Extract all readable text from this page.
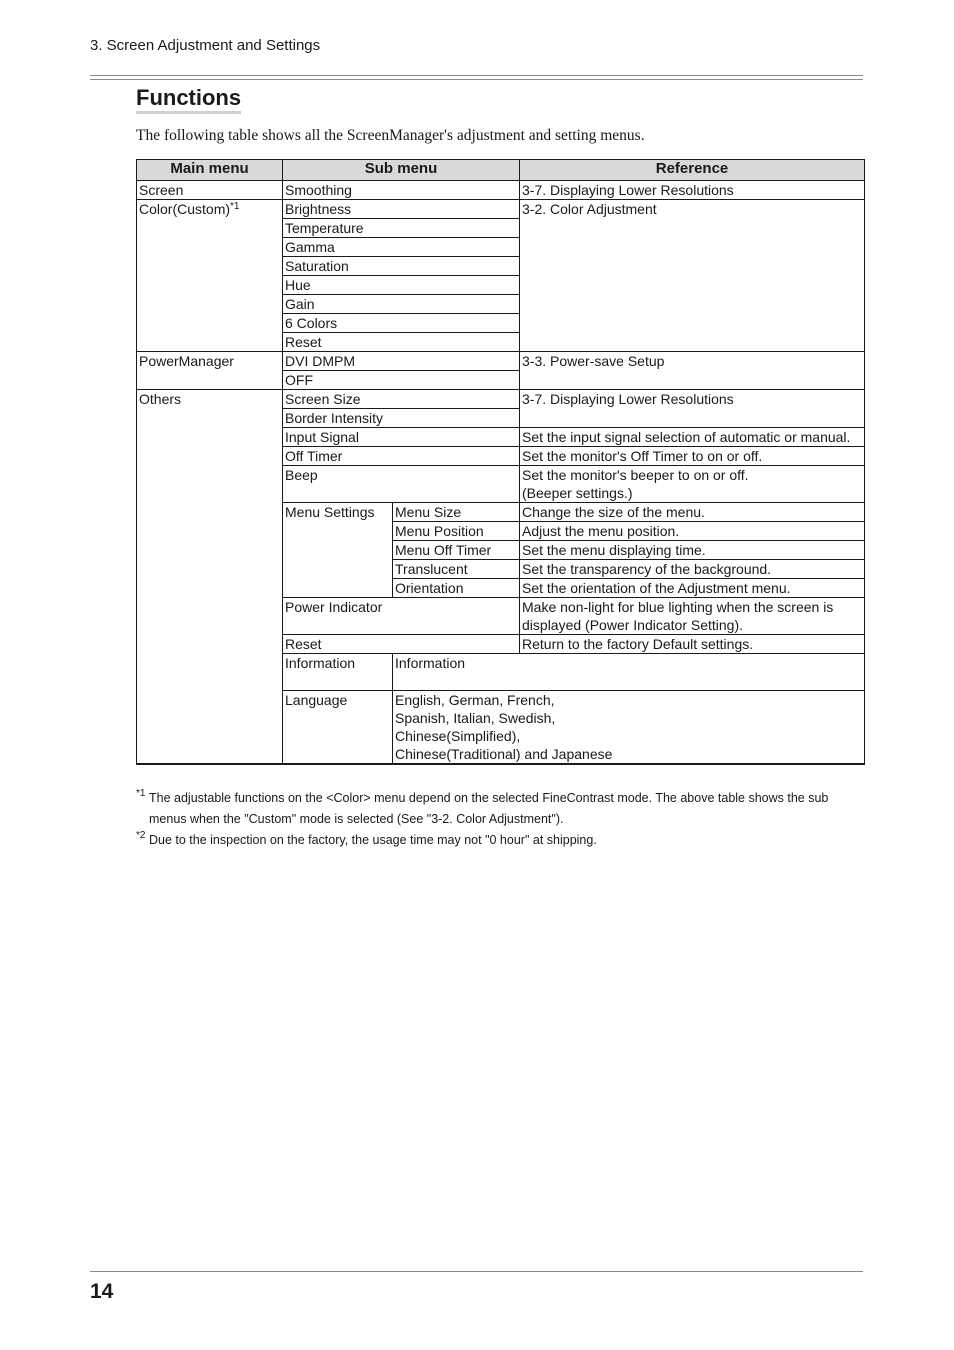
3. Screen Adjustment and Settings
Functions
The following table shows all the ScreenManager's adjustment and setting menus.
Main menu	Sub menu		Reference	
Screen	Smoothing		3-7. Displaying Lower Resolutions	
Color(Custom)$^{*1}$	Brightness		3-2. Color Adjustment	
	Temperature			
	Gamma			
	Saturation			
	Hue			
	Gain			
	6 Colors			
	Reset			
PowerManager	DVI DMPM		3-3. Power-save Setup	
	OFF			
Others	Screen Size		3-7. Displaying Lower Resolutions	
	Border Intensity			
	Input Signal		Set the input signal selection of automatic or manual.	
	Off Timer		Set the monitor's Off Timer to on or off.	
	Beep		Set the monitor's beeper to on or off.
(Beeper settings.)	

	Menu Settings	Menu Size	Change the size of the menu.	
		Menu Position	Adjust the menu position.	
		Menu Off Timer	Set the menu displaying time.	
		Translucent	Set the transparency of the background.	
		Orientation	Set the orientation of the Adjustment menu.	
	Power Indicator		Make non-light for blue lighting when the screen is
displayed (Power Indicator Setting).	

	Reset		Return to the factory Default settings.	
	Information	Information	

	Language	English, German, French,
Spanish, Italian, Swedish,
Chinese(Simplified),
Chinese(Traditional) and Japanese

*1 The adjustable functions on the <Color> menu depend on the selected FineContrast mode. The above table shows the sub
menus when the "Custom" mode is selected (See "3-2. Color Adjustment").
*2 Due to the inspection on the factory, the usage time may not "0 hour" at shipping.
14
